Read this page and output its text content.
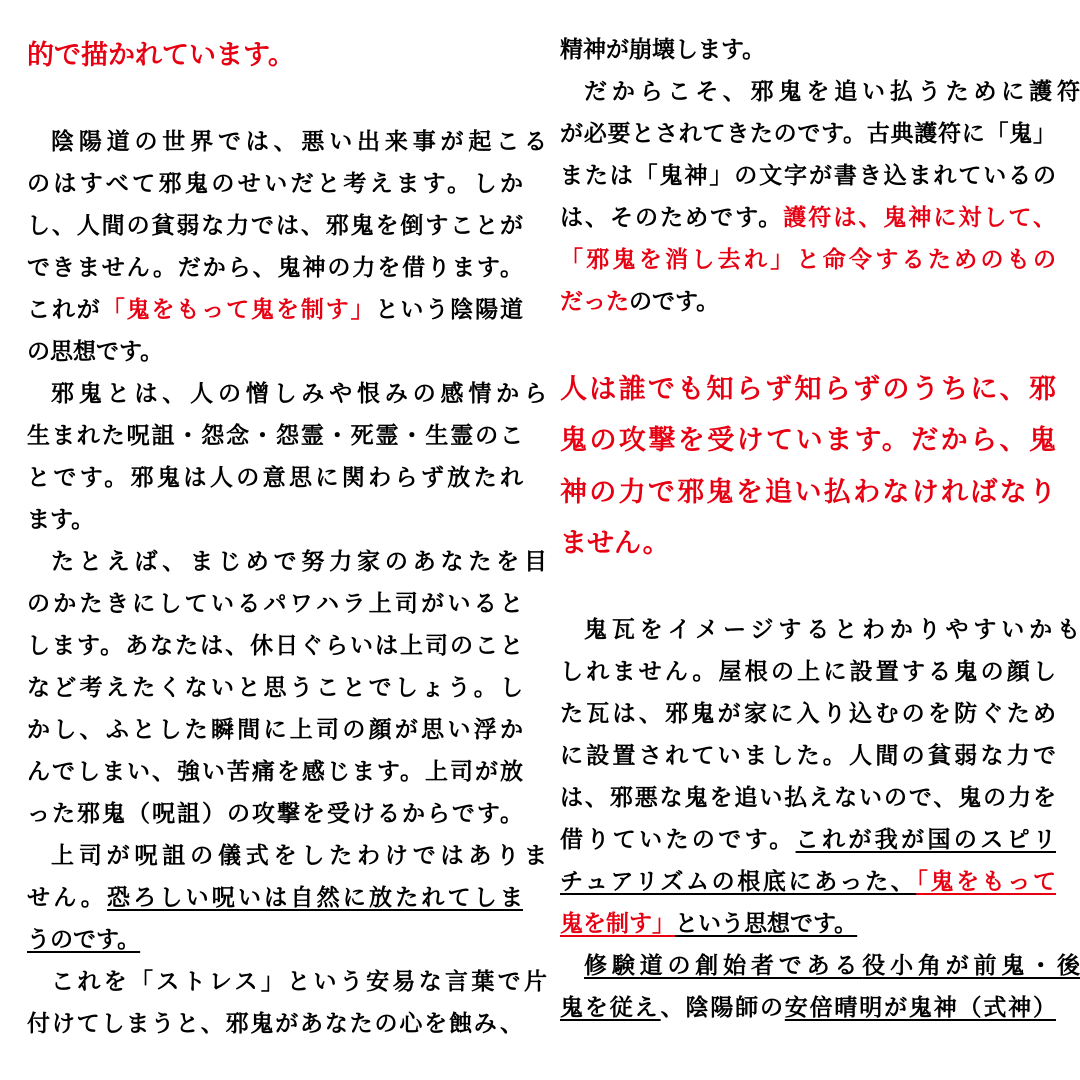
的で描かれています。
陰陽道の世界では、悪い出来事が起こる
のはすべて邪鬼のせいだと考えます。しか
し、人間の貧弱な力では、邪鬼を倒すことが
できません。だから、鬼神の力を借ります。
これが「鬼をもって鬼を制す」という陰陽道
の思想です。
邪鬼とは、人の憎しみや恨みの感情から
生まれた呪詛・怨念・怨霊・死霊・生霊のこ
とです。邪鬼は人の意思に関わらず放たれ
ます。
たとえば、まじめで努力家のあなたを目
のかたきにしているパワハラ上司がいると
します。あなたは、休日ぐらいは上司のこと
など考えたくないと思うことでしょう。し
かし、ふとした瞬間に上司の顔が思い浮か
んでしまい、強い苦痛を感じます。上司が放
った邪鬼（呪詛）の攻撃を受けるからです。
上司が呪詛の儀式をしたわけではありま
せん。恐ろしい呪いは自然に放たれてしま
うのです。
これを「ストレス」という安易な言葉で片
付けてしまうと、邪鬼があなたの心を蝕み、
精神が崩壊します。
だからこそ、邪鬼を追い払うために護符
が必要とされてきたのです。古典護符に「鬼」
または「鬼神」の文字が書き込まれているの
は、そのためです。護符は、鬼神に対して、
「邪鬼を消し去れ」と命令するためのもの
だったのです。
人は誰でも知らず知らずのうちに、邪
鬼の攻撃を受けています。だから、鬼
神の力で邪鬼を追い払わなければなり
ません。
鬼瓦をイメージするとわかりやすいかも
しれません。屋根の上に設置する鬼の顔し
た瓦は、邪鬼が家に入り込むのを防ぐため
に設置されていました。人間の貧弱な力で
は、邪悪な鬼を追い払えないので、鬼の力を
借りていたのです。これが我が国のスピリ
チュアリズムの根底にあった、「鬼をもって
鬼を制す」という思想です。
修験道の創始者である役小角が前鬼・後
鬼を従え、陰陽師の安倍晴明が鬼神（式神）
